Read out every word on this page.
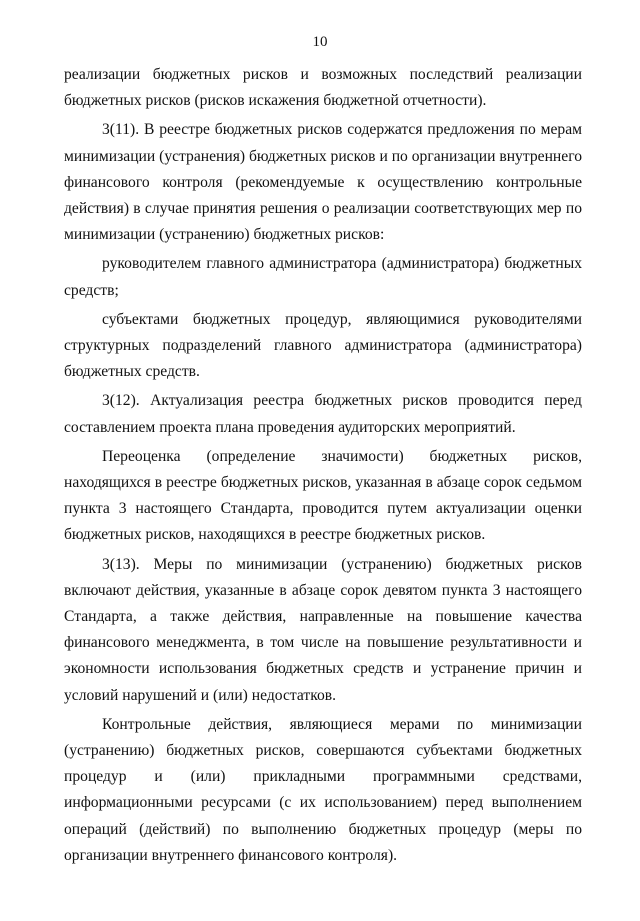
10

реализации бюджетных рисков и возможных последствий реализации бюджетных рисков (рисков искажения бюджетной отчетности).

3(11). В реестре бюджетных рисков содержатся предложения по мерам минимизации (устранения) бюджетных рисков и по организации внутреннего финансового контроля (рекомендуемые к осуществлению контрольные действия) в случае принятия решения о реализации соответствующих мер по минимизации (устранению) бюджетных рисков:

руководителем главного администратора (администратора) бюджетных средств;

субъектами бюджетных процедур, являющимися руководителями структурных подразделений главного администратора (администратора) бюджетных средств.

3(12). Актуализация реестра бюджетных рисков проводится перед составлением проекта плана проведения аудиторских мероприятий.

Переоценка (определение значимости) бюджетных рисков, находящихся в реестре бюджетных рисков, указанная в абзаце сорок седьмом пункта 3 настоящего Стандарта, проводится путем актуализации оценки бюджетных рисков, находящихся в реестре бюджетных рисков.

3(13). Меры по минимизации (устранению) бюджетных рисков включают действия, указанные в абзаце сорок девятом пункта 3 настоящего Стандарта, а также действия, направленные на повышение качества финансового менеджмента, в том числе на повышение результативности и экономности использования бюджетных средств и устранение причин и условий нарушений и (или) недостатков.

Контрольные действия, являющиеся мерами по минимизации (устранению) бюджетных рисков, совершаются субъектами бюджетных процедур и (или) прикладными программными средствами, информационными ресурсами (с их использованием) перед выполнением операций (действий) по выполнению бюджетных процедур (меры по организации внутреннего финансового контроля).
